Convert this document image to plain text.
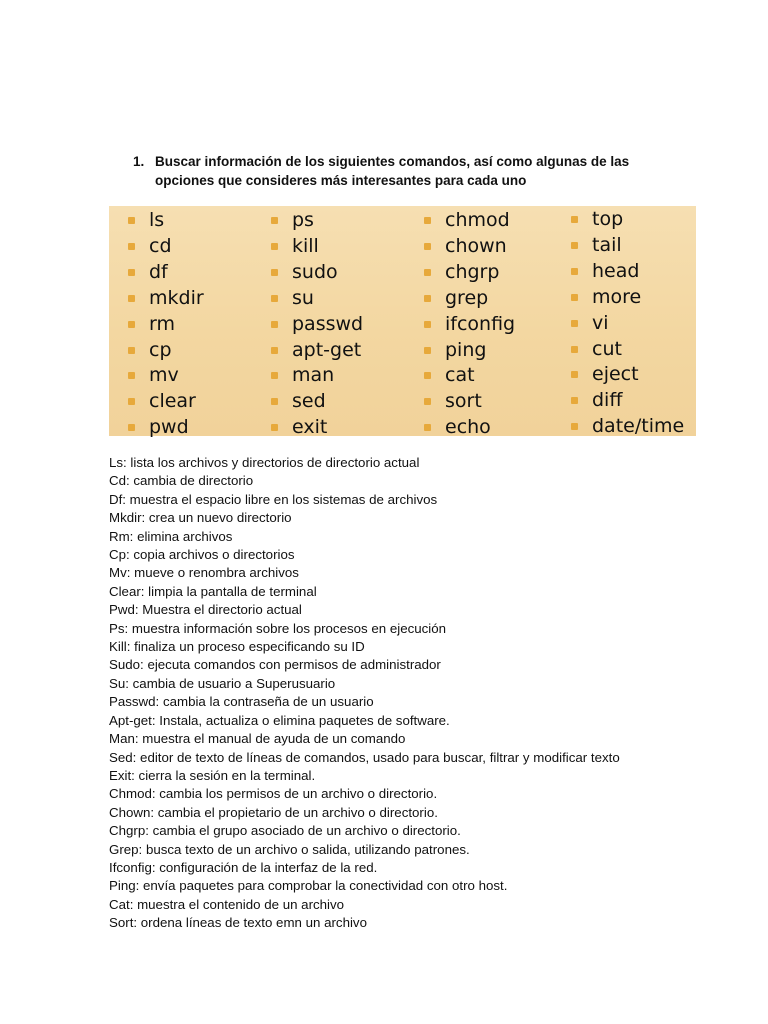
1. Buscar información de los siguientes comandos, así como algunas de las
opciones que consideres más interesantes para cada uno
ls
cd
df
mkdir
rm
cp
mv
clear
pwd
ps
kill
sudo
su
passwd
apt-get
man
sed
exit
chmod
chown
chgrp
grep
ifconfig
ping
cat
sort
echo
top
tail
head
more
vi
cut
eject
diff
date/time
Ls: lista los archivos y directorios de directorio actual
Cd: cambia de directorio
Df: muestra el espacio libre en los sistemas de archivos
Mkdir: crea un nuevo directorio
Rm: elimina archivos
Cp: copia archivos o directorios
Mv: mueve o renombra archivos
Clear: limpia la pantalla de terminal
Pwd: Muestra el directorio actual
Ps: muestra información sobre los procesos en ejecución
Kill: finaliza un proceso especificando su ID
Sudo: ejecuta comandos con permisos de administrador
Su: cambia de usuario a Superusuario
Passwd: cambia la contraseña de un usuario
Apt-get: Instala, actualiza o elimina paquetes de software.
Man: muestra el manual de ayuda de un comando
Sed: editor de texto de líneas de comandos, usado para buscar, filtrar y modificar texto
Exit: cierra la sesión en la terminal.
Chmod: cambia los permisos de un archivo o directorio.
Chown: cambia el propietario de un archivo o directorio.
Chgrp: cambia el grupo asociado de un archivo o directorio.
Grep: busca texto de un archivo o salida, utilizando patrones.
Ifconfig: configuración de la interfaz de la red.
Ping: envía paquetes para comprobar la conectividad con otro host.
Cat: muestra el contenido de un archivo
Sort: ordena líneas de texto emn un archivo
